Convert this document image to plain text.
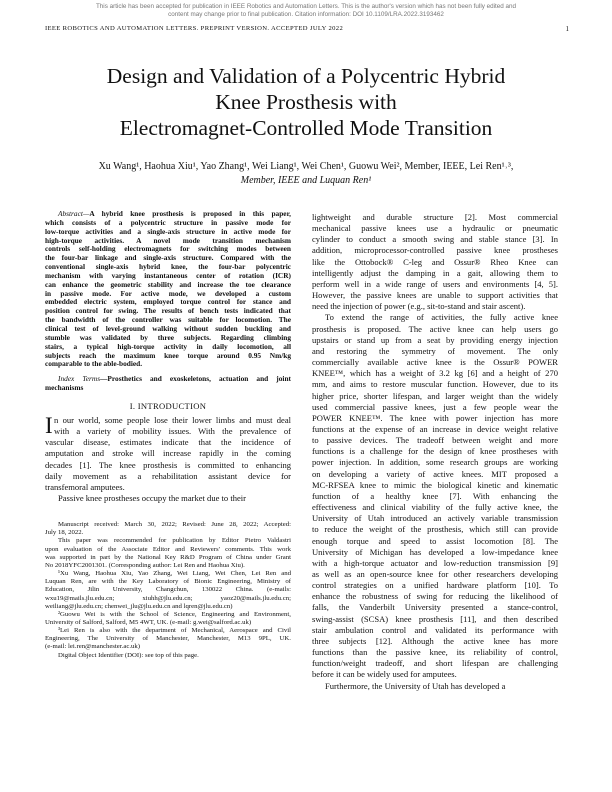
This article has been accepted for publication in IEEE Robotics and Automation Letters. This is the author's version which has not been fully edited and
content may change prior to final publication. Citation information: DOI 10.1109/LRA.2022.3193462
IEEE ROBOTICS AND AUTOMATION LETTERS. PREPRINT VERSION. ACCEPTED JULY 2022	1
Design and Validation of a Polycentric Hybrid
Knee Prosthesis with
Electromagnet-Controlled Mode Transition
Xu Wang¹, Haohua Xiu¹, Yao Zhang¹, Wei Liang¹, Wei Chen¹, Guowu Wei², Member, IEEE, Lei Ren¹˒³,
Member, IEEE and Luquan Ren¹
Abstract—A hybrid knee prosthesis is proposed in this paper,
which consists of a polycentric structure in passive mode for
low-torque activities and a single-axis structure in active mode for
high-torque activities. A novel mode transition mechanism
controls self-holding electromagnets for switching modes between
the four-bar linkage and single-axis structure. Compared with the
conventional single-axis hybrid knee, the four-bar polycentric
mechanism with varying instantaneous center of rotation (ICR)
can enhance the geometric stability and increase the toe clearance
in passive mode. For active mode, we developed a custom
embedded electric system, employed torque control for stance and
position control for swing. The results of bench tests indicated that
the bandwidth of the controller was suitable for locomotion. The
clinical test of level-ground walking without sudden buckling and
stumble was validated by three subjects. Regarding climbing
stairs, a typical high-torque activity in daily locomotion, all
subjects reach the maximum knee torque around 0.95 Nm/kg
comparable to the able-bodied.
Index Terms—Prosthetics and exoskeletons, actuation and joint
mechanisms
I. INTRODUCTION
I n our world, some people lose their lower limbs and must deal
with a variety of mobility issues. With the prevalence of
vascular disease, estimates indicate that the incidence of
amputation and stroke will increase rapidly in the coming
decades [1]. The knee prosthesis is committed to enhancing
daily movement as a rehabilitation assistant device for
transfemoral amputees.
Passive knee prostheses occupy the market due to their
Manuscript received: March 30, 2022; Revised: June 28, 2022; Accepted:
July 18, 2022.
This paper was recommended for publication by Editor Pietro Valdastri
upon evaluation of the Associate Editor and Reviewers' comments. This work
was supported in part by the National Key R&D Program of China under Grant
No 2018YFC2001301. (Corresponding author: Lei Ren and Haohua Xiu).
¹Xu Wang, Haohua Xiu, Yao Zhang, Wei Liang, Wei Chen, Lei Ren and
Luquan Ren, are with the Key Laboratory of Bionic Engineering, Ministry of
Education, Jilin University, Changchun, 130022 China. (e-mails:
wxu19@mails.jlu.edu.cn; xiuhh@jlu.edu.cn; yaoz20@mails.jlu.edu.cn;
weiliang@jlu.edu.cn; chenwei_jlu@jlu.edu.cn and lqren@jlu.edu.cn)
²Guowu Wei is with the School of Science, Engineering and Environment,
University of Salford, Salford, M5 4WT, UK. (e-mail: g.wei@salford.ac.uk)
³Lei Ren is also with the department of Mechanical, Aerospace and Civil
Engineering, The University of Manchester, Manchester, M13 9PL, UK.
(e-mail: lei.ren@manchester.ac.uk)
Digital Object Identifier (DOI): see top of this page.
lightweight and durable structure [2]. Most commercial
mechanical passive knees use a hydraulic or pneumatic
cylinder to conduct a smooth swing and stable stance [3]. In
addition, microprocessor-controlled passive knee prostheses
like the Ottobock® C-leg and Ossur® Rheo Knee can
intelligently adjust the damping in a gait, allowing them to
perform well in a wide range of users and environments [4, 5].
However, the passive knees are unable to support activities that
need the injection of power (e.g., sit-to-stand and stair ascent).
To extend the range of activities, the fully active knee
prosthesis is proposed. The active knee can help users go
upstairs or stand up from a seat by providing energy injection
and restoring the symmetry of movement. The only
commercially available active knee is the Ossur® POWER
KNEE™, which has a weight of 3.2 kg [6] and a height of 270
mm, and aims to restore muscular function. However, due to its
higher price, shorter lifespan, and larger weight than the widely
used commercial passive knees, just a few people wear the
POWER KNEE™. The knee with power injection has more
functions at the expense of an increase in device weight relative
to passive devices. The tradeoff between weight and more
functions is a challenge for the design of knee prostheses with
power injection. In addition, some research groups are working
on developing a variety of active knees. MIT proposed a
MC-RFSEA knee to mimic the biological kinetic and kinematic
function of a healthy knee [7]. With enhancing the
effectiveness and clinical viability of the fully active knee, the
University of Utah introduced an actively variable transmission
to reduce the weight of the prosthesis, which still can provide
enough torque and speed to assist locomotion [8]. The
University of Michigan has developed a low-impedance knee
with a high-torque actuator and low-reduction transmission [9]
as well as an open-source knee for other researchers developing
control strategies on a unified hardware platform [10]. To
enhance the robustness of swing for reducing the likelihood of
falls, the Vanderbilt University presented a stance-control,
swing-assist (SCSA) knee prosthesis [11], and then described
stair ambulation control and validated its performance with
three subjects [12]. Although the active knee has more
functions than the passive knee, its reliability of control,
function/weight tradeoff, and short lifespan are challenging
before it can be widely used for amputees.
Furthermore, the University of Utah has developed a
